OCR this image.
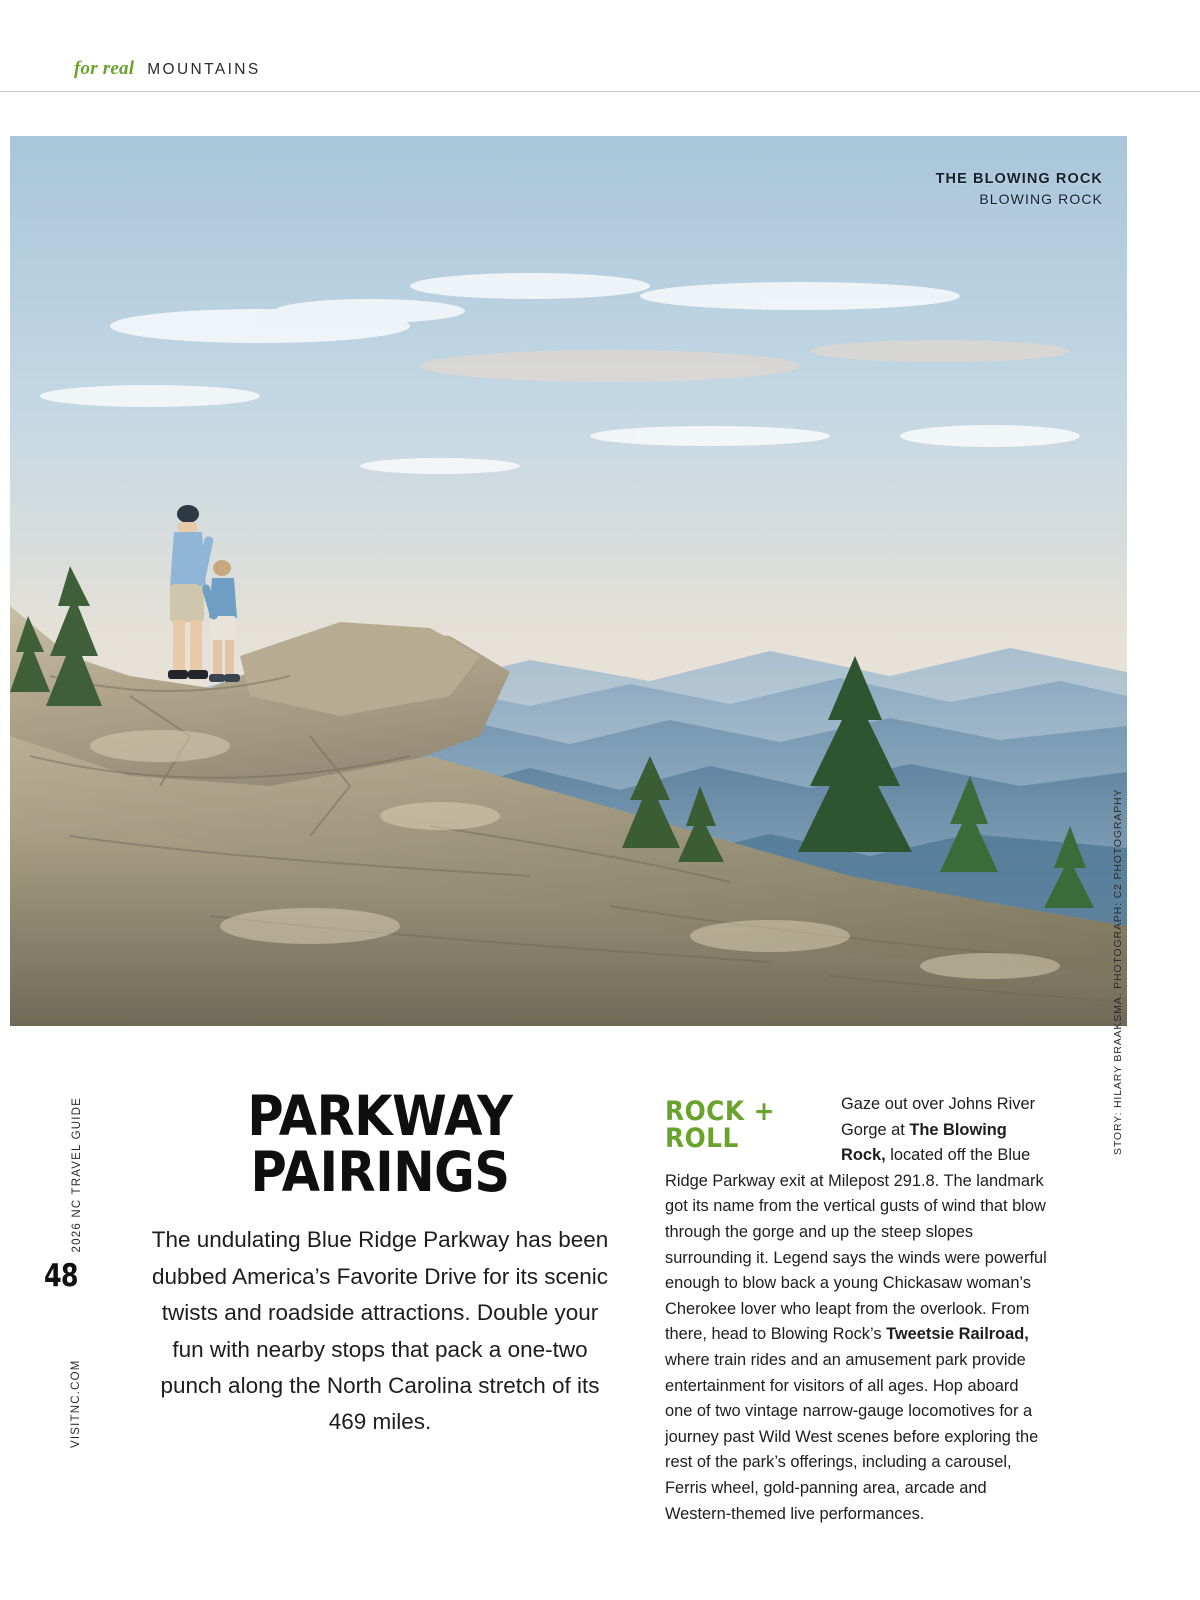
for real MOUNTAINS
THE BLOWING ROCK
BLOWING ROCK
2026 NC TRAVEL GUIDE
VISITNC.COM
48
STORY: HILARY BRAAKSMA. PHOTOGRAPH: C2 PHOTOGRAPHY
PARKWAY PAIRINGS

The undulating Blue Ridge Parkway has been dubbed America’s Favorite Drive for its scenic twists and roadside attractions. Double your fun with nearby stops that pack a one-two punch along the North Carolina stretch of its 469 miles.

ROCK + ROLL

Gaze out over Johns River Gorge at The Blowing Rock, located off the Blue Ridge Parkway exit at Milepost 291.8. The landmark got its name from the vertical gusts of wind that blow through the gorge and up the steep slopes surrounding it. Legend says the winds were powerful enough to blow back a young Chickasaw woman’s Cherokee lover who leapt from the overlook. From there, head to Blowing Rock’s Tweetsie Railroad, where train rides and an amusement park provide entertainment for visitors of all ages. Hop aboard one of two vintage narrow-gauge locomotives for a journey past Wild West scenes before exploring the rest of the park’s offerings, including a carousel, Ferris wheel, gold-panning area, arcade and Western-themed live performances.
